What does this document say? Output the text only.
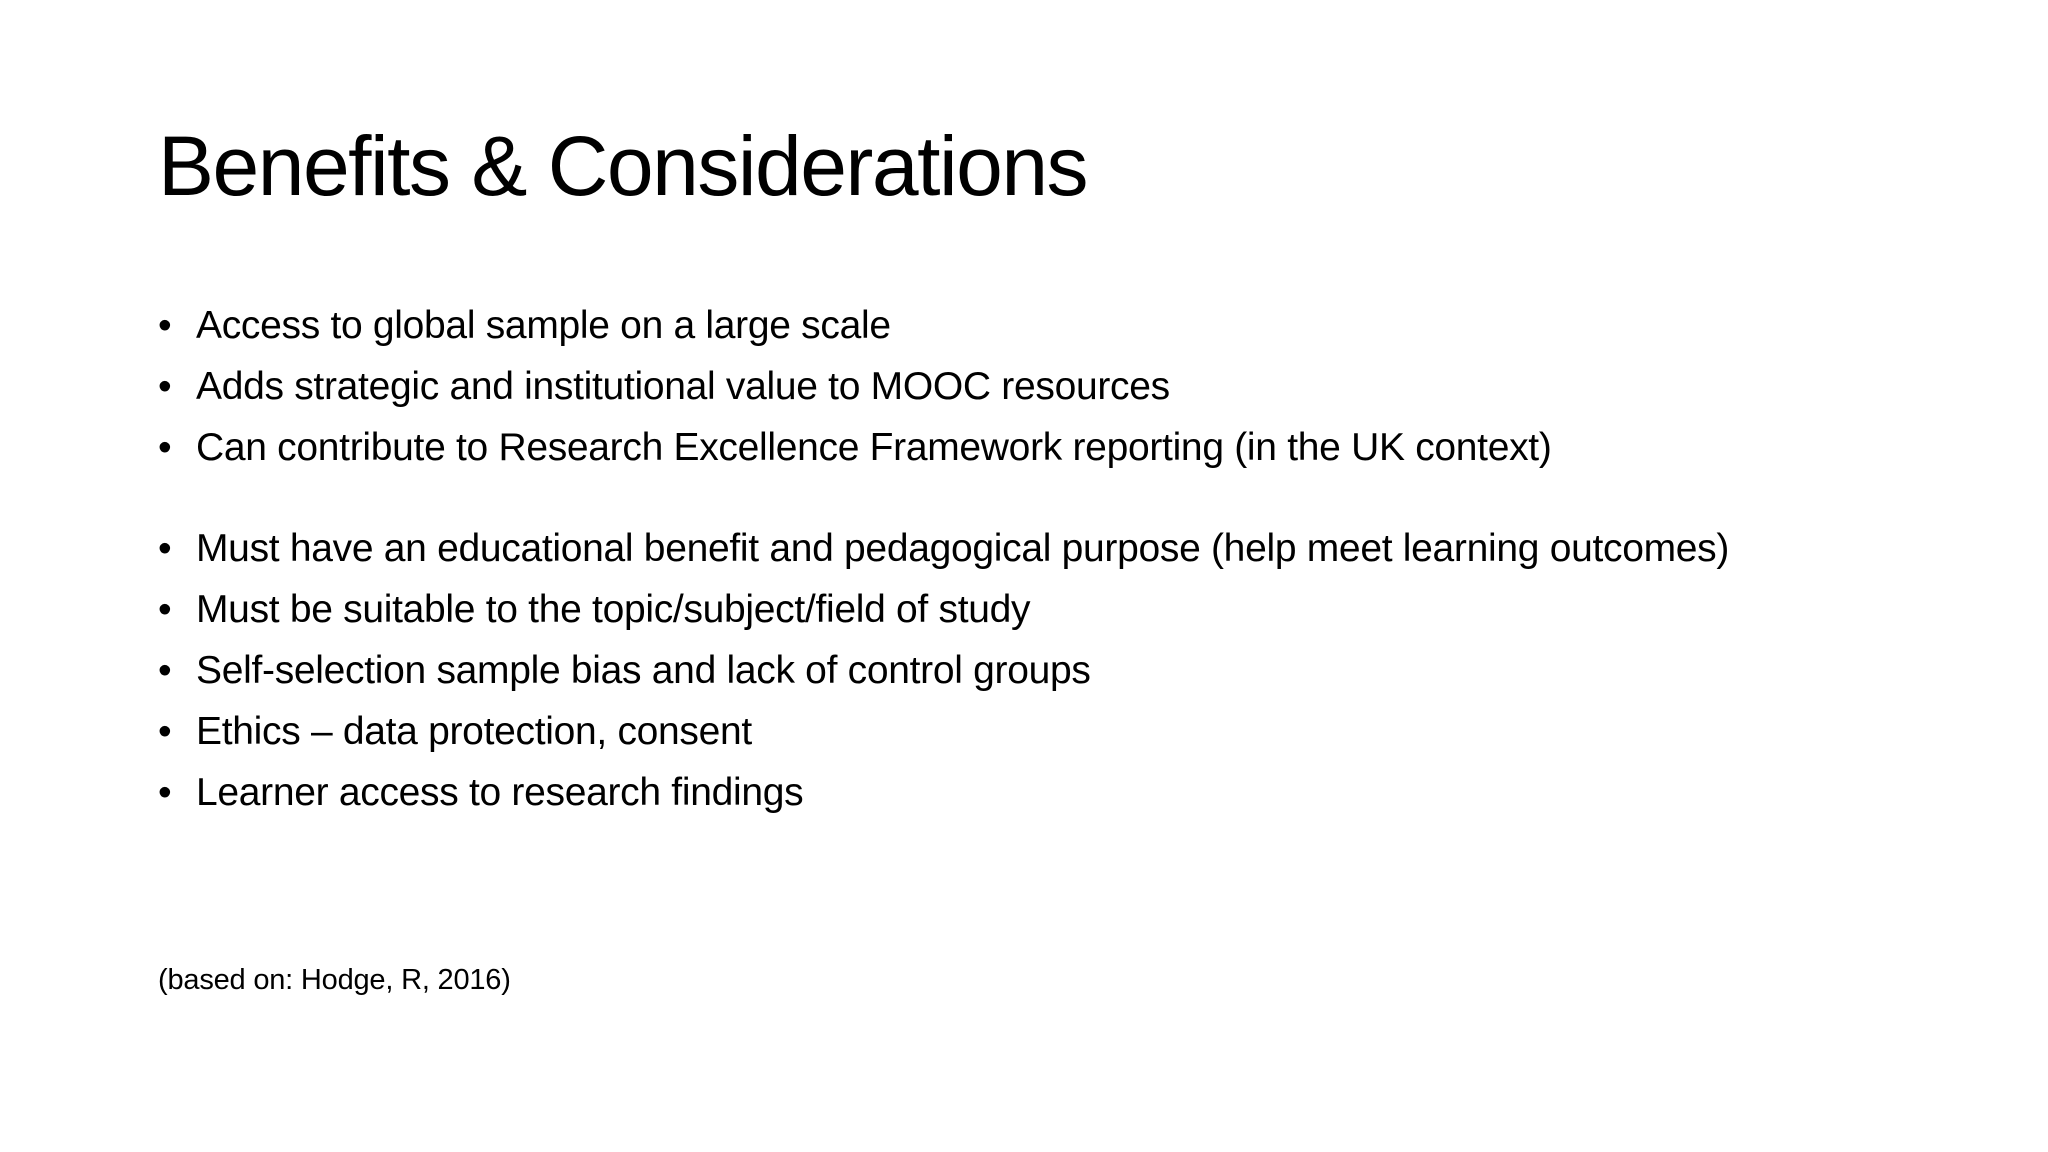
Benefits & Considerations
• Access to global sample on a large scale
• Adds strategic and institutional value to MOOC resources
• Can contribute to Research Excellence Framework reporting (in the UK context)
• Must have an educational benefit and pedagogical purpose (help meet learning outcomes)
• Must be suitable to the topic/subject/field of study
• Self-selection sample bias and lack of control groups
• Ethics – data protection, consent
• Learner access to research findings
(based on: Hodge, R, 2016)
